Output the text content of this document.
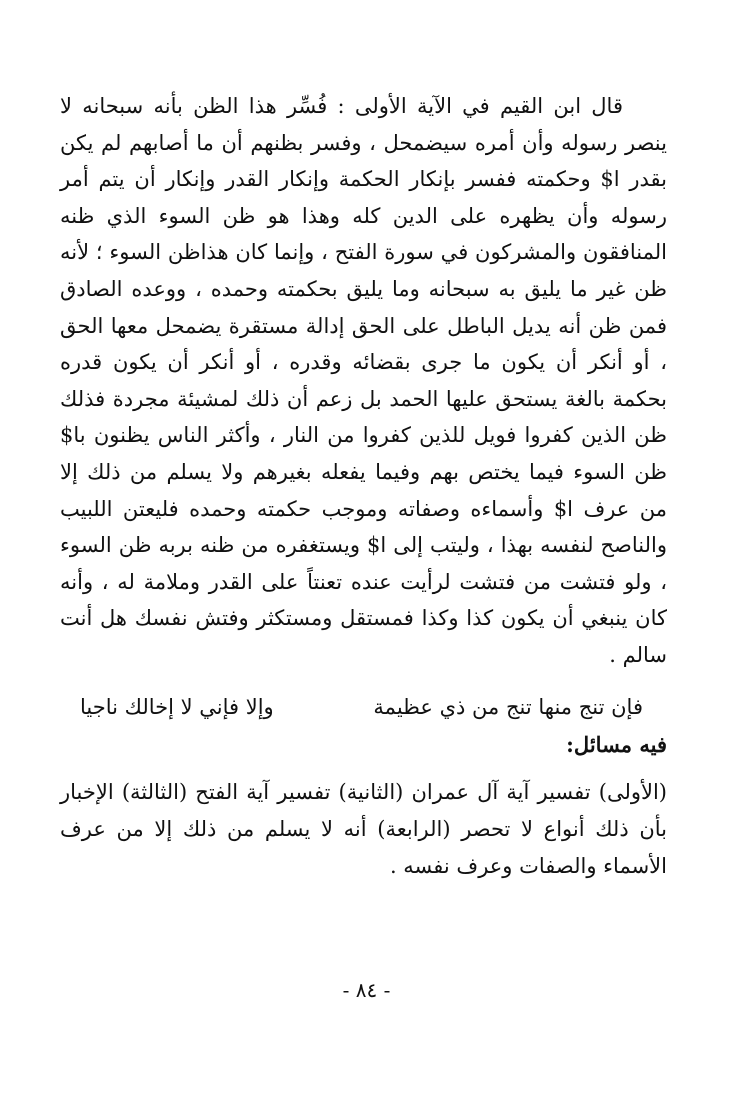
قال ابن القيم في الآية الأولى : فُسِّر هذا الظن بأنه سبحانه لا ينصر رسوله وأن أمره سيضمحل ، وفسر بظنهم أن ما أصابهم لم يكن بقدر ا$ وحكمته ففسر بإنكار الحكمة وإنكار القدر وإنكار أن يتم أمر رسوله وأن يظهره على الدين كله وهذا هو ظن السوء الذي ظنه المنافقون والمشركون في سورة الفتح ، وإنما كان هذاظن السوء ؛ لأنه ظن غير ما يليق به سبحانه وما يليق بحكمته وحمده ، ووعده الصادق فمن ظن أنه يديل الباطل على الحق إدالة مستقرة يضمحل معها الحق ، أو أنكر أن يكون ما جرى بقضائه وقدره ، أو أنكر أن يكون قدره بحكمة بالغة يستحق عليها الحمد بل زعم أن ذلك لمشيئة مجردة فذلك ظن الذين كفروا فويل للذين كفروا من النار ، وأكثر الناس يظنون با$ ظن السوء فيما يختص بهم وفيما يفعله بغيرهم ولا يسلم من ذلك إلا من عرف ا$ وأسماءه وصفاته وموجب حكمته وحمده فليعتن اللبيب والناصح لنفسه بهذا ، وليتب إلى ا$ ويستغفره من ظنه بربه ظن السوء ، ولو فتشت من فتشت لرأيت عنده تعنتاً على القدر وملامة له ، وأنه كان ينبغي أن يكون كذا وكذا فمستقل ومستكثر وفتش نفسك هل أنت سالم .

فإن تنج منها تنج من ذي عظيمة
وإلا فإني لا إخالك ناجيا

فيه مسائل:

(الأولى) تفسير آية آل عمران (الثانية) تفسير آية الفتح (الثالثة) الإخبار بأن ذلك أنواع لا تحصر (الرابعة) أنه لا يسلم من ذلك إلا من عرف الأسماء والصفات وعرف نفسه .

- ٨٤ -
